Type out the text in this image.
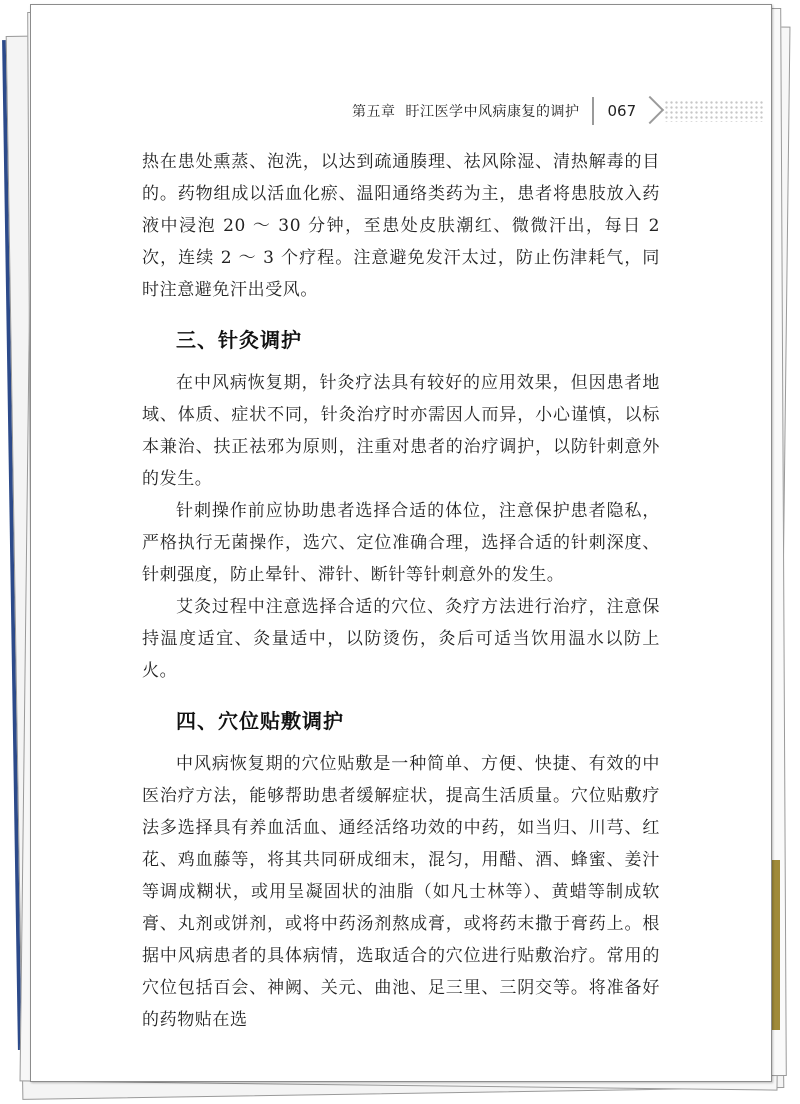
第五章 盱江医学中风病康复的调护	067

热在患处熏蒸、泡洗，以达到疏通腠理、祛风除湿、清热解毒的目的。药物组成以活血化瘀、温阳通络类药为主，患者将患肢放入药液中浸泡 20 ～ 30 分钟，至患处皮肤潮红、微微汗出，每日 2 次，连续 2 ～ 3 个疗程。注意避免发汗太过，防止伤津耗气，同时注意避免汗出受风。

三、针灸调护

在中风病恢复期，针灸疗法具有较好的应用效果，但因患者地域、体质、症状不同，针灸治疗时亦需因人而异，小心谨慎，以标本兼治、扶正祛邪为原则，注重对患者的治疗调护，以防针刺意外的发生。

针刺操作前应协助患者选择合适的体位，注意保护患者隐私，严格执行无菌操作，选穴、定位准确合理，选择合适的针刺深度、针刺强度，防止晕针、滞针、断针等针刺意外的发生。

艾灸过程中注意选择合适的穴位、灸疗方法进行治疗，注意保持温度适宜、灸量适中，以防烫伤，灸后可适当饮用温水以防上火。

四、穴位贴敷调护

中风病恢复期的穴位贴敷是一种简单、方便、快捷、有效的中医治疗方法，能够帮助患者缓解症状，提高生活质量。穴位贴敷疗法多选择具有养血活血、通经活络功效的中药，如当归、川芎、红花、鸡血藤等，将其共同研成细末，混匀，用醋、酒、蜂蜜、姜汁等调成糊状，或用呈凝固状的油脂（如凡士林等）、黄蜡等制成软膏、丸剂或饼剂，或将中药汤剂熬成膏，或将药末撒于膏药上。根据中风病患者的具体病情，选取适合的穴位进行贴敷治疗。常用的穴位包括百会、神阙、关元、曲池、足三里、三阴交等。将准备好的药物贴在选
